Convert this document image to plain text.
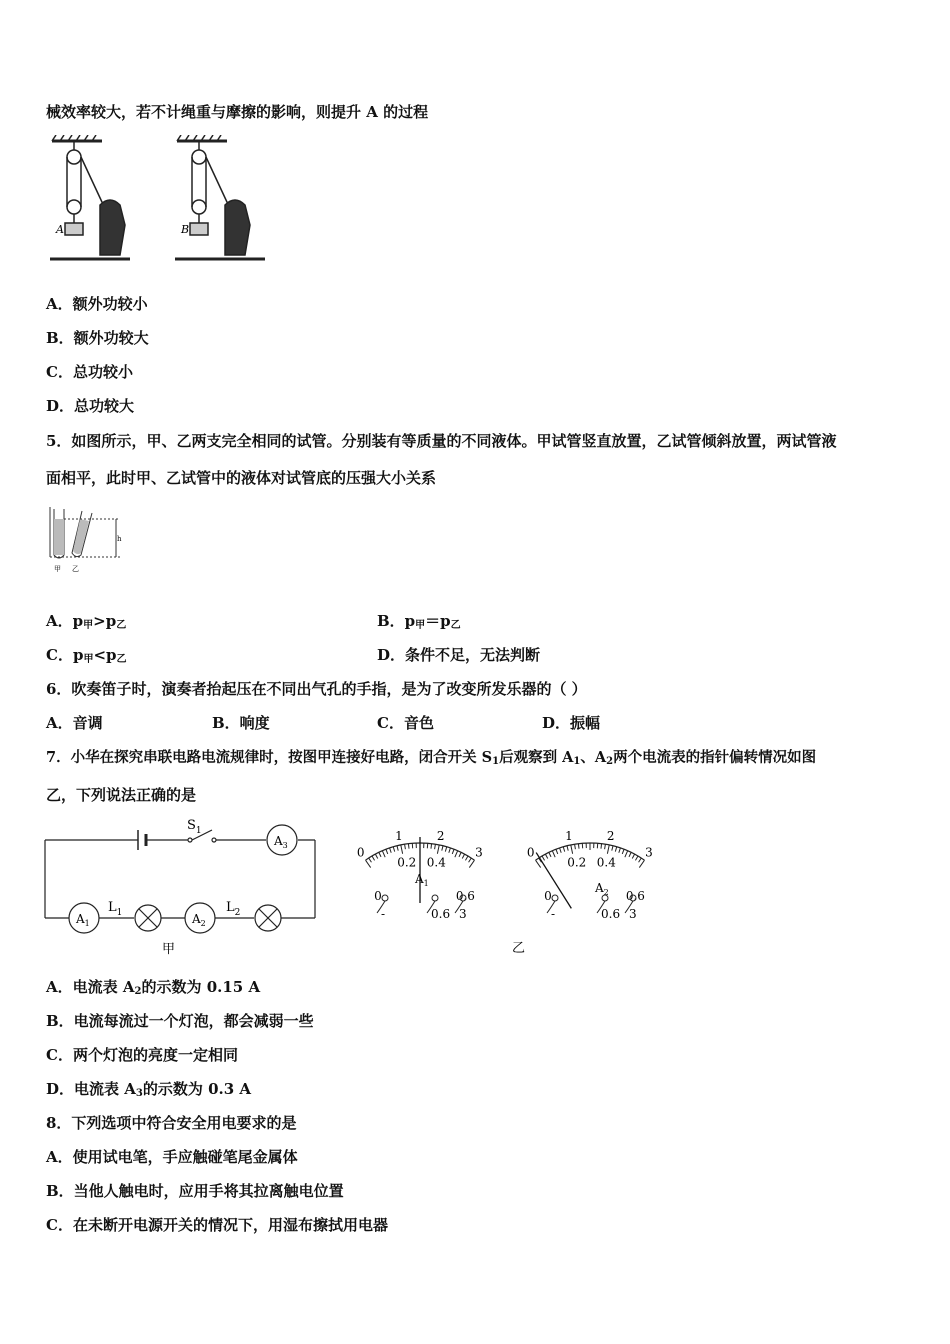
械效率较大，若不计绳重与摩擦的影响，则提升 A 的过程
A	B
A．额外功较小
B．额外功较大
C．总功较小
D．总功较大
5．如图所示，甲、乙两支完全相同的试管。分别装有等质量的不同液体。甲试管竖直放置，乙试管倾斜放置，两试管液
面相平，此时甲、乙试管中的液体对试管底的压强大小关系
h
甲 乙
A．$p_甲>p_乙$	B．$p_甲=p_乙$
C．$p_甲<p_乙$	D．条件不足，无法判断
6．吹奏笛子时，演奏者抬起压在不同出气孔的手指，是为了改变所发乐器的（ ）
A．音调	B．响度	C．音色	D．振幅
7．小华在探究串联电路电流规律时，按图甲连接好电路，闭合开关 $S_1$后观察到 $A_1$、$A_2$两个电流表的指针偏转情况如图
乙，下列说法正确的是
$S_1$
$A_3$
$A_1$	$A_2$
$L_1$	$L_2$
甲
0
1	2
3
0
0.2 0.4
0.6
-	0.6 3
0
1	2
3
0
0.2 0.4
0.6
-	0.6 3
$A_1$	$A_2$
乙
A．电流表 $A_2$的示数为 0.15 A
B．电流每流过一个灯泡，都会减弱一些
C．两个灯泡的亮度一定相同
D．电流表 $A_3$的示数为 0.3 A
8．下列选项中符合安全用电要求的是
A．使用试电笔，手应触碰笔尾金属体
B．当他人触电时，应用手将其拉离触电位置
C．在未断开电源开关的情况下，用湿布擦拭用电器
